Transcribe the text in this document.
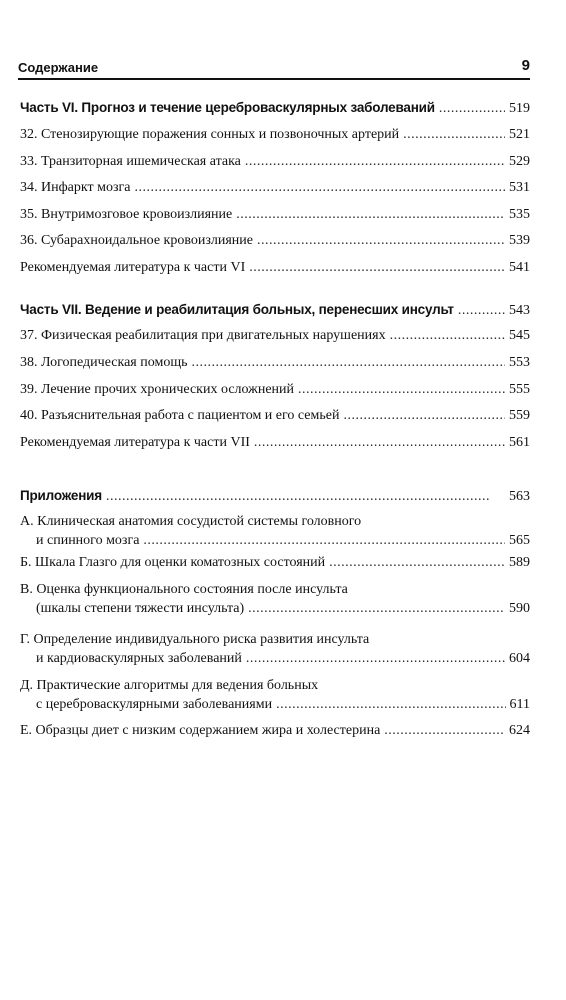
Содержание	9
Часть VI. Прогноз и течение цереброваскулярных заболеваний . . .	519
32. Стенозирующие поражения сонных и позвоночных артерий . . .	521
33. Транзиторная ишемическая атака . . .	529
34. Инфаркт мозга . . .	531
35. Внутримозговое кровоизлияние . . .	535
36. Субарахноидальное кровоизлияние . . .	539
Рекомендуемая литература к части VI . . .	541
Часть VII. Ведение и реабилитация больных, перенесших инсульт . . .	543
37. Физическая реабилитация при двигательных нарушениях . . .	545
38. Логопедическая помощь . . .	553
39. Лечение прочих хронических осложнений . . .	555
40. Разъяснительная работа с пациентом и его семьей . . .	559
Рекомендуемая литература к части VII . . .	561
Приложения . . .	563
А. Клиническая анатомия сосудистой системы головного
и спинного мозга . . .	565
Б. Шкала Глазго для оценки коматозных состояний . . .	589
В. Оценка функционального состояния после инсульта
(шкалы степени тяжести инсульта) . . .	590
Г. Определение индивидуального риска развития инсульта
и кардиоваскулярных заболеваний . . .	604
Д. Практические алгоритмы для ведения больных
с цереброваскулярными заболеваниями . . .	611
Е. Образцы диет с низким содержанием жира и холестерина . . .	624
